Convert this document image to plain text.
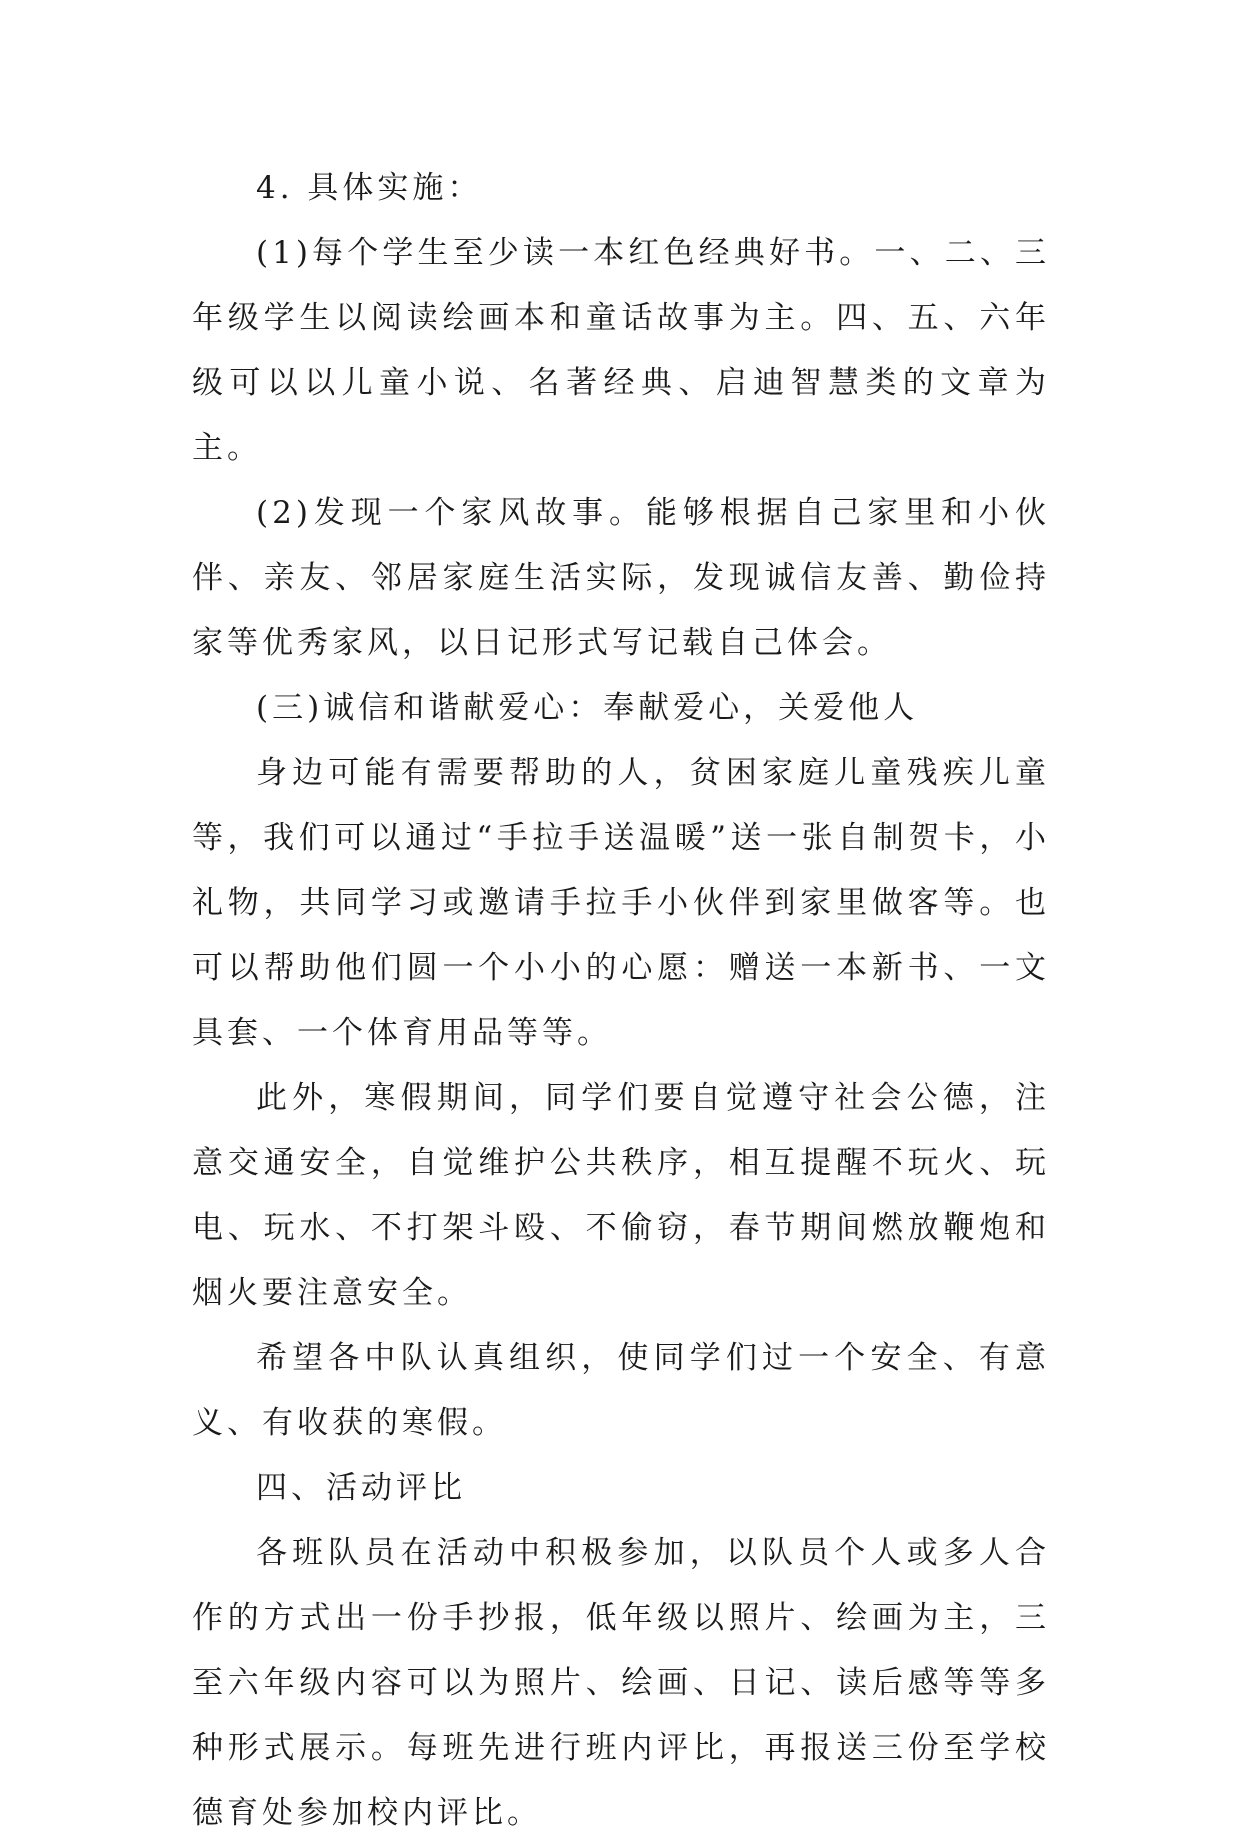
4. 具体实施：

(1)每个学生至少读一本红色经典好书。一、二、三年级学生以阅读绘画本和童话故事为主。四、五、六年级可以以儿童小说、名著经典、启迪智慧类的文章为主。

(2)发现一个家风故事。能够根据自己家里和小伙伴、亲友、邻居家庭生活实际，发现诚信友善、勤俭持家等优秀家风，以日记形式写记载自己体会。

(三)诚信和谐献爱心：奉献爱心，关爱他人

身边可能有需要帮助的人，贫困家庭儿童残疾儿童等，我们可以通过“手拉手送温暖”送一张自制贺卡，小礼物，共同学习或邀请手拉手小伙伴到家里做客等。也可以帮助他们圆一个小小的心愿：赠送一本新书、一文具套、一个体育用品等等。

此外，寒假期间，同学们要自觉遵守社会公德，注意交通安全，自觉维护公共秩序，相互提醒不玩火、玩电、玩水、不打架斗殴、不偷窃，春节期间燃放鞭炮和烟火要注意安全。

希望各中队认真组织，使同学们过一个安全、有意义、有收获的寒假。

四、活动评比

各班队员在活动中积极参加，以队员个人或多人合作的方式出一份手抄报，低年级以照片、绘画为主，三至六年级内容可以为照片、绘画、日记、读后感等等多种形式展示。每班先进行班内评比，再报送三份至学校德育处参加校内评比。
